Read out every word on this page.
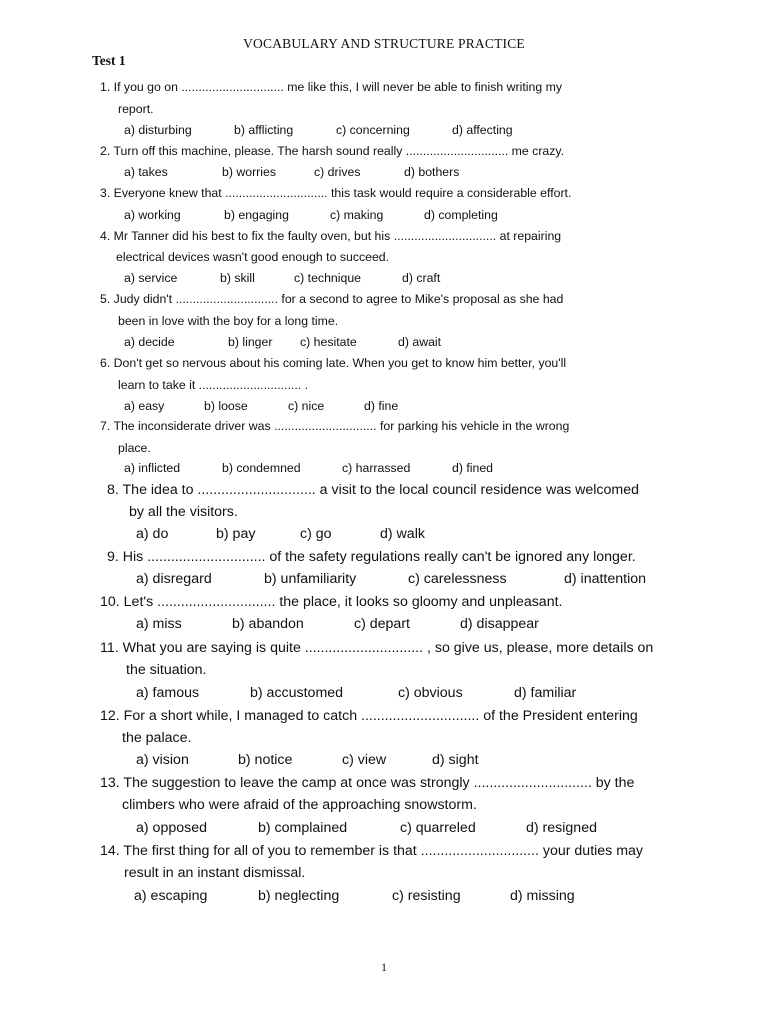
VOCABULARY AND STRUCTURE PRACTICE
Test 1
1. If you go on .............................. me like this, I will never be able to finish writing my
report.
a) disturbing	b) afflicting	c) concerning	d) affecting
2. Turn off this machine, please. The harsh sound really .............................. me crazy.
a) takes	b) worries	c) drives	d) bothers
3. Everyone knew that .............................. this task would require a considerable effort.
a) working	b) engaging	c) making	d) completing
4. Mr Tanner did his best to fix the faulty oven, but his .............................. at repairing
electrical devices wasn't good enough to succeed.
a) service	b) skill	c) technique	d) craft
5. Judy didn't .............................. for a second to agree to Mike's proposal as she had
been in love with the boy for a long time.
a) decide	b) linger c) hesitate	d) await
6. Don't get so nervous about his coming late. When you get to know him better, you'll
learn to take it .............................. .
a) easy	b) loose	c) nice	d) fine
7. The inconsiderate driver was .............................. for parking his vehicle in the wrong
place.
a) inflicted	b) condemned	c) harrassed	d) fined
8. The idea to .............................. a visit to the local council residence was welcomed
by all the visitors.
a) do	b) pay	c) go	d) walk
9. His .............................. of the safety regulations really can't be ignored any longer.
a) disregard	b) unfamiliarity	c) carelessness	d) inattention
10. Let's .............................. the place, it looks so gloomy and unpleasant.
a) miss	b) abandon	c) depart	d) disappear
11. What you are saying is quite .............................. , so give us, please, more details on
the situation.
a) famous	b) accustomed	c) obvious	d) familiar
12. For a short while, I managed to catch .............................. of the President entering
the palace.
a) vision	b) notice	c) view	d) sight
13. The suggestion to leave the camp at once was strongly .............................. by the
climbers who were afraid of the approaching snowstorm.
a) opposed	b) complained	c) quarreled	d) resigned
14. The first thing for all of you to remember is that .............................. your duties may
result in an instant dismissal.
a) escaping	b) neglecting	c) resisting	d) missing
1
